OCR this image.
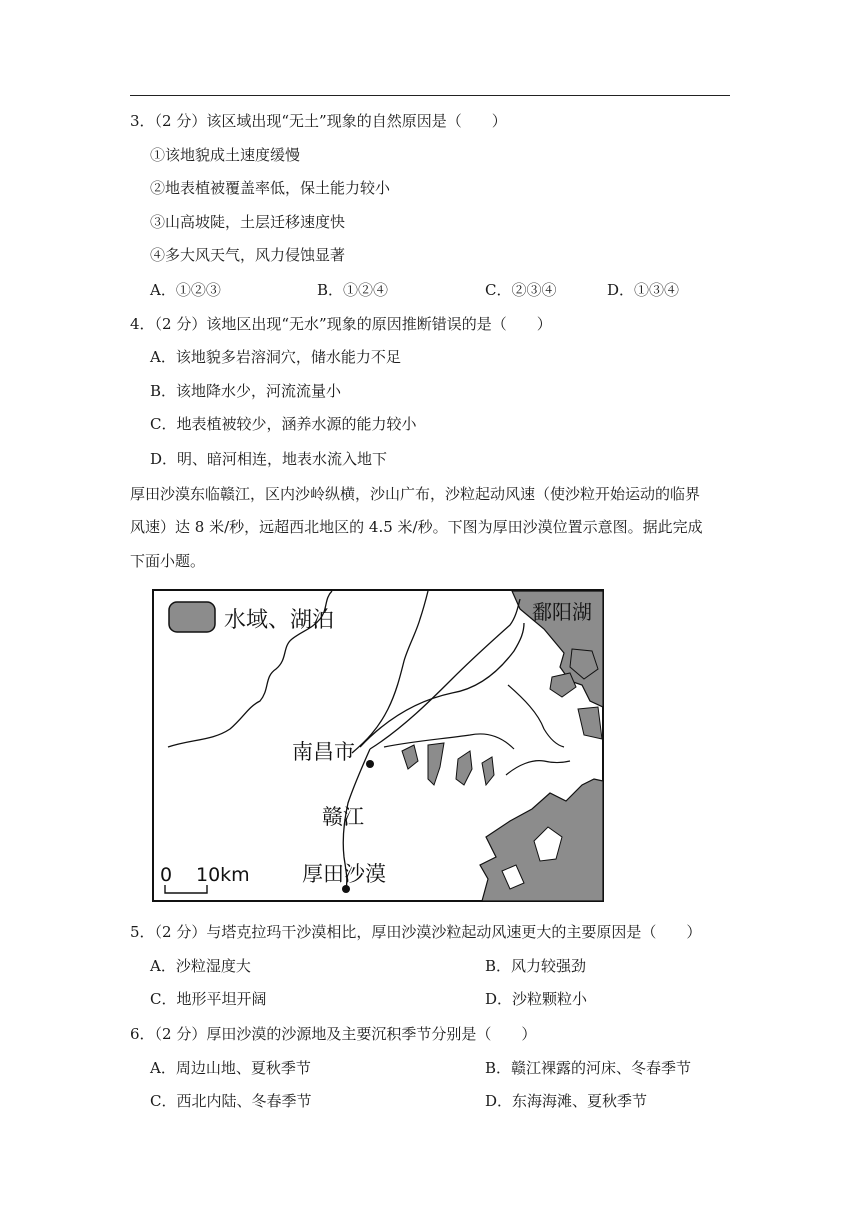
3．（2 分）该区域出现“无土”现象的自然原因是（　　）
①该地貌成土速度缓慢
②地表植被覆盖率低，保土能力较小
③山高坡陡，土层迁移速度快
④多大风天气，风力侵蚀显著
A．①②③	B．①②④	C．②③④	D．①③④
4．（2 分）该地区出现“无水”现象的原因推断错误的是（　　）
A．该地貌多岩溶洞穴，储水能力不足
B．该地降水少，河流流量小
C．地表植被较少，涵养水源的能力较小
D．明、暗河相连，地表水流入地下
厚田沙漠东临赣江，区内沙岭纵横，沙山广布，沙粒起动风速（使沙粒开始运动的临界
风速）达 8 米/秒，远超西北地区的 4.5 米/秒。下图为厚田沙漠位置示意图。据此完成
下面小题。
水域、湖泊	鄱阳湖
南昌市
赣江
厚田沙漠
0 10km
5．（2 分）与塔克拉玛干沙漠相比，厚田沙漠沙粒起动风速更大的主要原因是（　　）
A．沙粒湿度大	B．风力较强劲
C．地形平坦开阔	D．沙粒颗粒小
6．（2 分）厚田沙漠的沙源地及主要沉积季节分别是（　　）
A．周边山地、夏秋季节	B．赣江裸露的河床、冬春季节
C．西北内陆、冬春季节	D．东海海滩、夏秋季节
